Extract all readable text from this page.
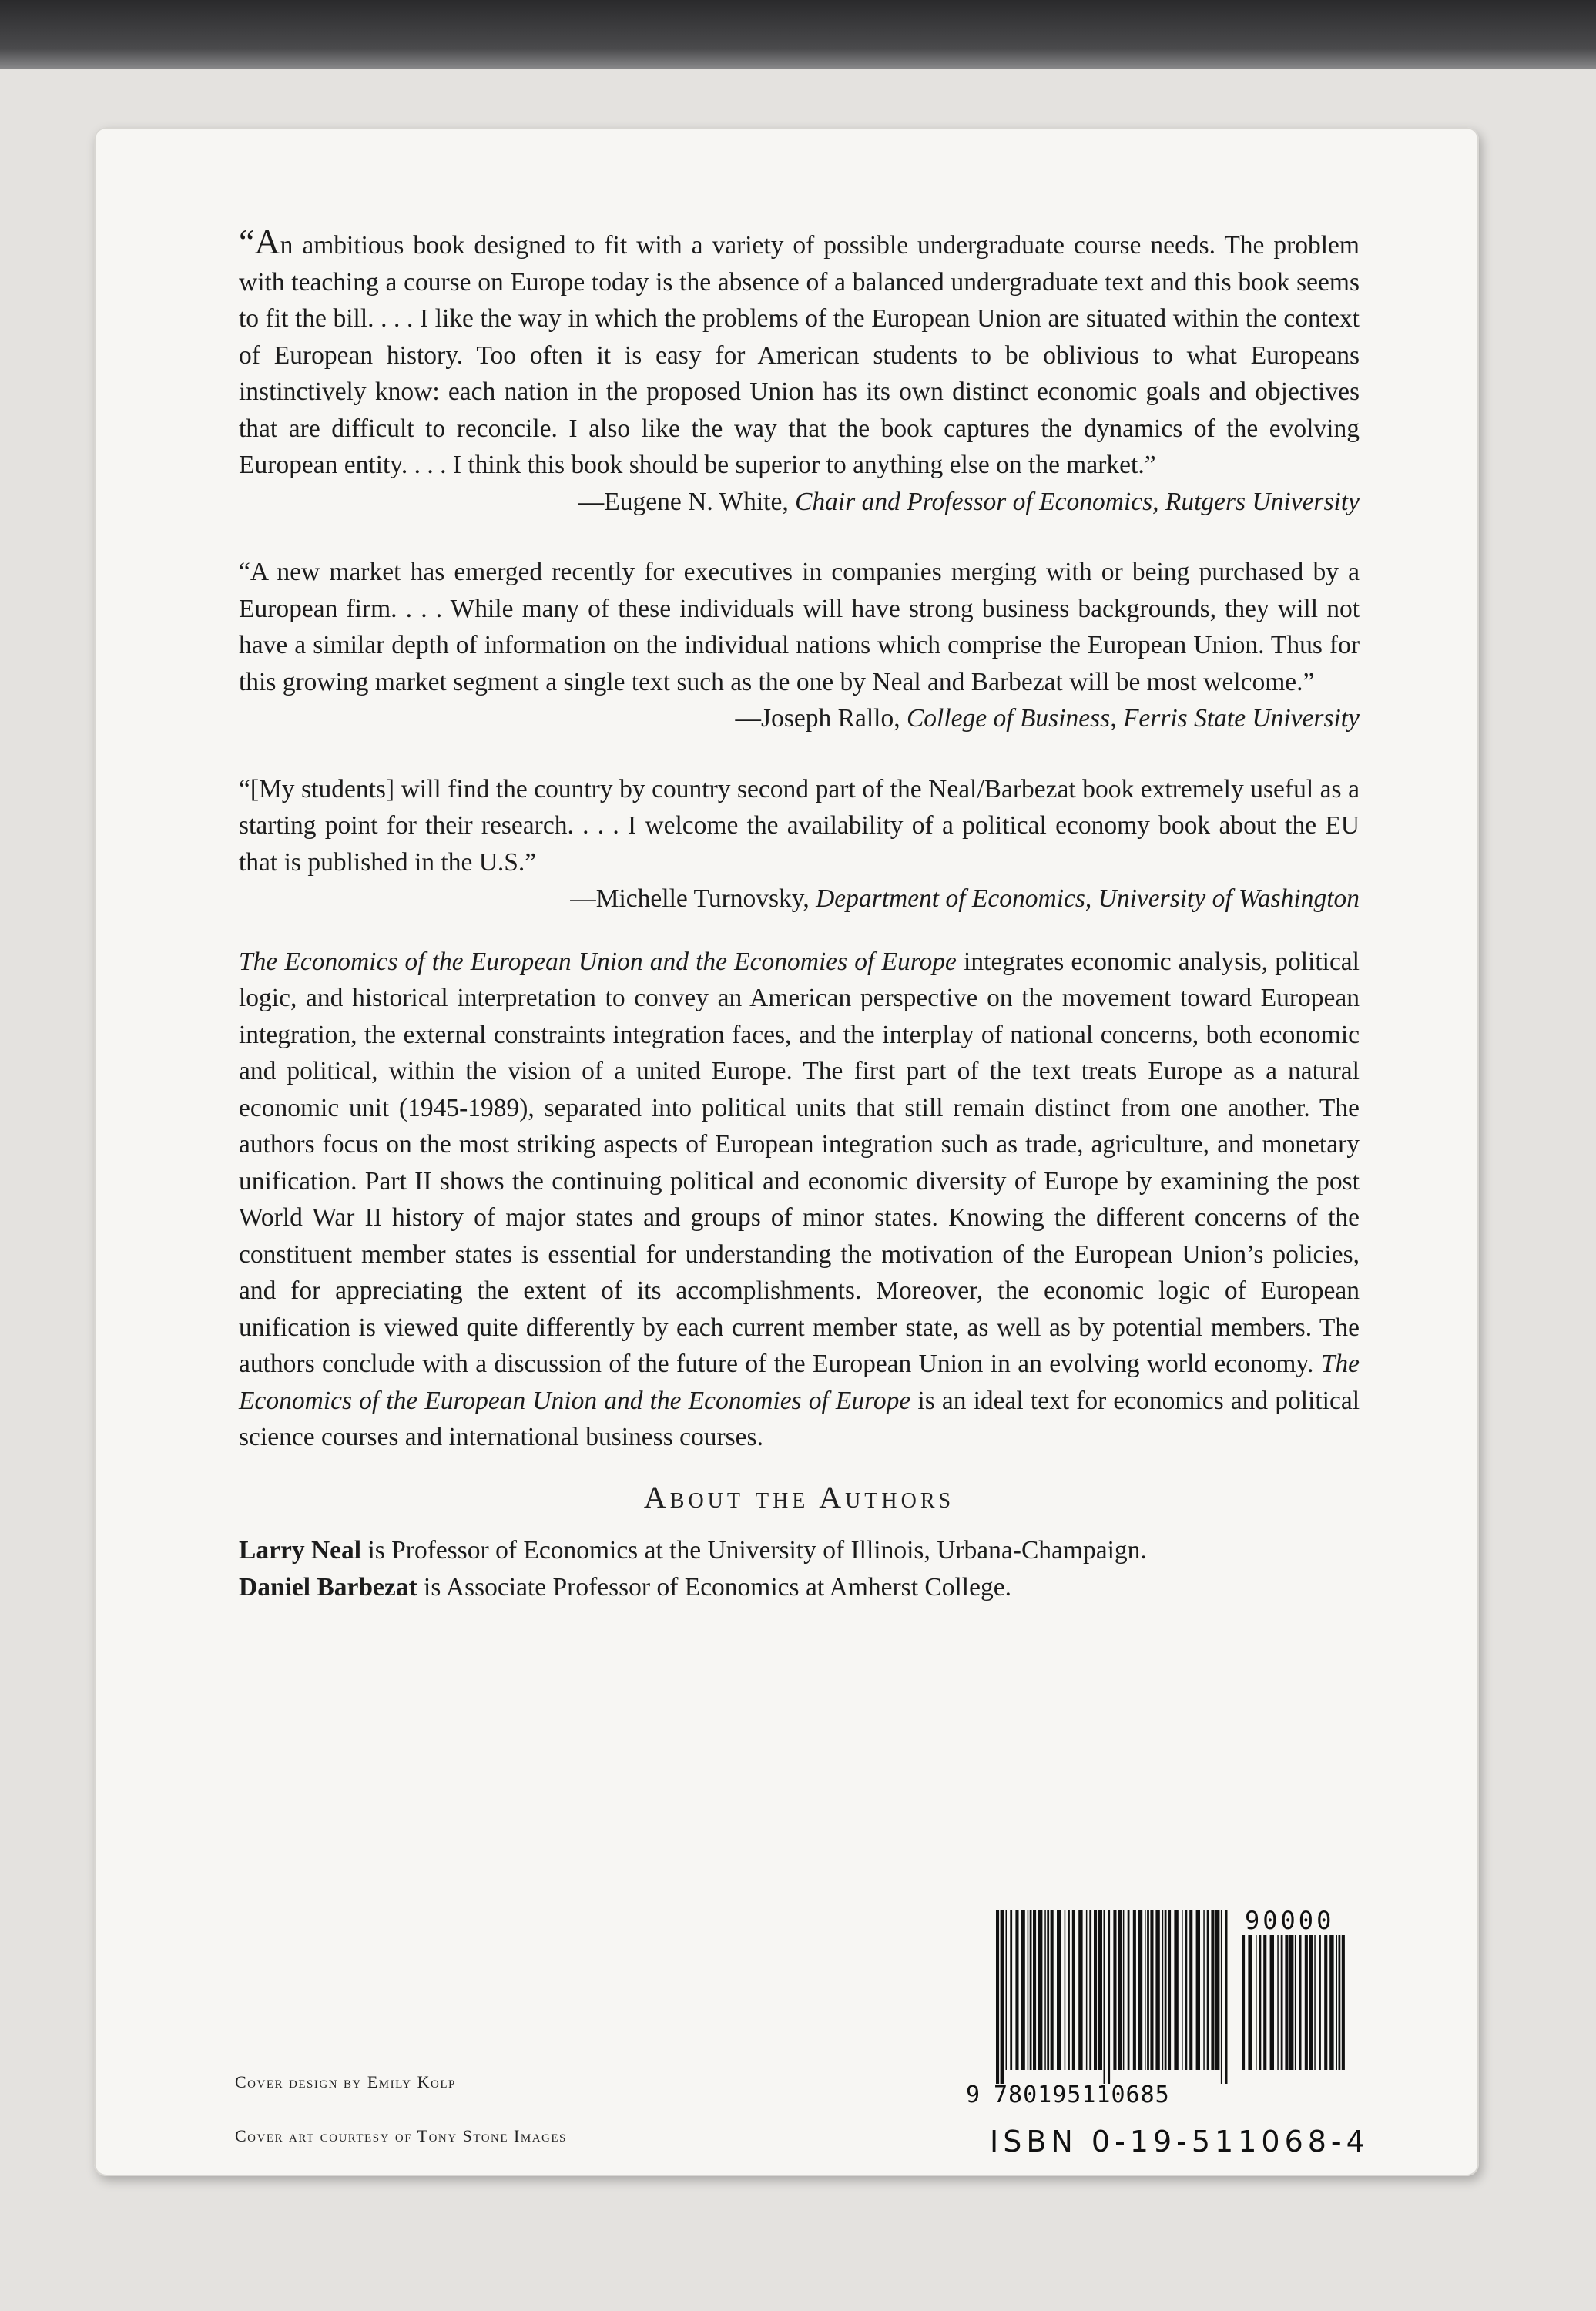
“An ambitious book designed to fit with a variety of possible undergraduate course needs. The problem with teaching a course on Europe today is the absence of a balanced undergraduate text and this book seems to fit the bill. . . . I like the way in which the problems of the European Union are situated within the context of European history. Too often it is easy for American students to be oblivious to what Europeans instinctively know: each nation in the proposed Union has its own distinct economic goals and objectives that are difficult to reconcile. I also like the way that the book captures the dynamics of the evolving European entity. . . . I think this book should be superior to anything else on the market.”

—Eugene N. White, Chair and Professor of Economics, Rutgers University

“A new market has emerged recently for executives in companies merging with or being purchased by a European firm. . . . While many of these individuals will have strong business backgrounds, they will not have a similar depth of information on the individual nations which comprise the European Union. Thus for this growing market segment a single text such as the one by Neal and Barbezat will be most welcome.”

—Joseph Rallo, College of Business, Ferris State University

“[My students] will find the country by country second part of the Neal/Barbezat book extremely useful as a starting point for their research. . . . I welcome the availability of a political economy book about the EU that is published in the U.S.”

—Michelle Turnovsky, Department of Economics, University of Washington

The Economics of the European Union and the Economies of Europe integrates economic analysis, political logic, and historical interpretation to convey an American perspective on the movement toward European integration, the external constraints integration faces, and the interplay of national concerns, both economic and political, within the vision of a united Europe. The first part of the text treats Europe as a natural economic unit (1945-1989), separated into political units that still remain distinct from one another. The authors focus on the most striking aspects of European integration such as trade, agriculture, and monetary unification. Part II shows the continuing political and economic diversity of Europe by examining the post World War II history of major states and groups of minor states. Knowing the different concerns of the constituent member states is essential for understanding the motivation of the European Union’s policies, and for appreciating the extent of its accomplishments. Moreover, the economic logic of European unification is viewed quite differently by each current member state, as well as by potential members. The authors conclude with a discussion of the future of the European Union in an evolving world economy. The Economics of the European Union and the Economies of Europe is an ideal text for economics and political science courses and international business courses.

About the Authors

Larry Neal is Professor of Economics at the University of Illinois, Urbana-Champaign.

Daniel Barbezat is Associate Professor of Economics at Amherst College.

Cover design by Emily Kolp
Cover art courtesy of Tony Stone Images
90000
9 780195110685
ISBN 0-19-511068-4
